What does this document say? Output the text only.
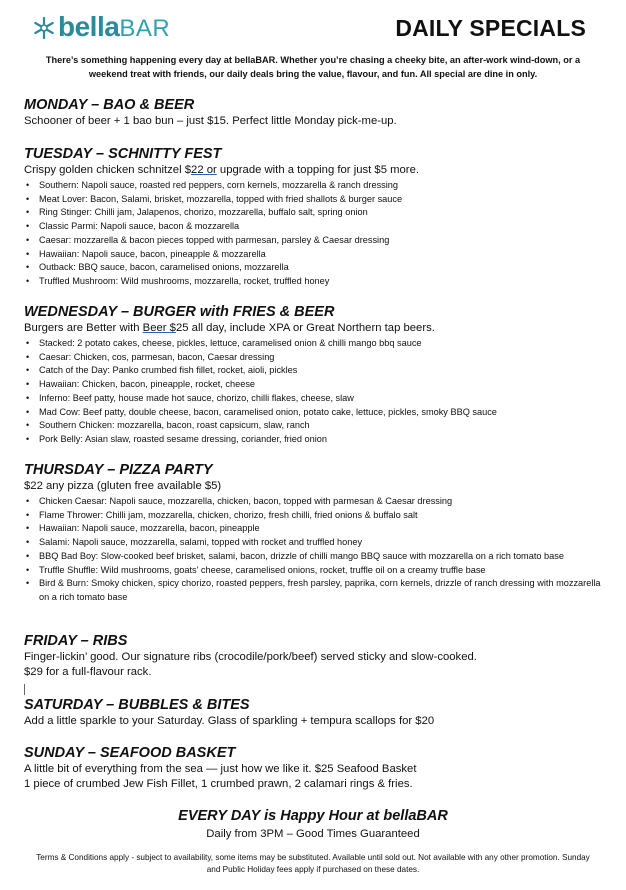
bellaBAR	DAILY SPECIALS
There’s something happening every day at bellaBAR. Whether you’re chasing a cheeky bite, an after-work wind-down, or a weekend treat with friends, our daily deals bring the value, flavour, and fun. All special are dine in only.
MONDAY – BAO & BEER
Schooner of beer + 1 bao bun – just $15. Perfect little Monday pick-me-up.
TUESDAY – SCHNITTY FEST
Crispy golden chicken schnitzel $22 or upgrade with a topping for just $5 more.
• Southern: Napoli sauce, roasted red peppers, corn kernels, mozzarella & ranch dressing
• Meat Lover: Bacon, Salami, brisket, mozzarella, topped with fried shallots & burger sauce
• Ring Stinger: Chilli jam, Jalapenos, chorizo, mozzarella, buffalo salt, spring onion
• Classic Parmi: Napoli sauce, bacon & mozzarella
• Caesar: mozzarella & bacon pieces topped with parmesan, parsley & Caesar dressing
• Hawaiian: Napoli sauce, bacon, pineapple & mozzarella
• Outback: BBQ sauce, bacon, caramelised onions, mozzarella
• Truffled Mushroom: Wild mushrooms, mozzarella, rocket, truffled honey
WEDNESDAY – BURGER with FRIES & BEER
Burgers are Better with Beer $25 all day, include XPA or Great Northern tap beers.
• Stacked: 2 potato cakes, cheese, pickles, lettuce, caramelised onion & chilli mango bbq sauce
• Caesar: Chicken, cos, parmesan, bacon, Caesar dressing
• Catch of the Day: Panko crumbed fish fillet, rocket, aioli, pickles
• Hawaiian: Chicken, bacon, pineapple, rocket, cheese
• Inferno: Beef patty, house made hot sauce, chorizo, chilli flakes, cheese, slaw
• Mad Cow: Beef patty, double cheese, bacon, caramelised onion, potato cake, lettuce, pickles, smoky BBQ sauce
• Southern Chicken: mozzarella, bacon, roast capsicum, slaw, ranch
• Pork Belly: Asian slaw, roasted sesame dressing, coriander, fried onion
THURSDAY – PIZZA PARTY
$22 any pizza (gluten free available $5)
• Chicken Caesar: Napoli sauce, mozzarella, chicken, bacon, topped with parmesan & Caesar dressing
• Flame Thrower: Chilli jam, mozzarella, chicken, chorizo, fresh chilli, fried onions & buffalo salt
• Hawaiian: Napoli sauce, mozzarella, bacon, pineapple
• Salami: Napoli sauce, mozzarella, salami, topped with rocket and truffled honey
• BBQ Bad Boy: Slow-cooked beef brisket, salami, bacon, drizzle of chilli mango BBQ sauce with mozzarella on a rich tomato base
• Truffle Shuffle: Wild mushrooms, goats' cheese, caramelised onions, rocket, truffle oil on a creamy truffle base
• Bird & Burn: Smoky chicken, spicy chorizo, roasted peppers, fresh parsley, paprika, corn kernels, drizzle of ranch dressing with mozzarella on a rich tomato base
FRIDAY – RIBS
Finger-lickin’ good. Our signature ribs (crocodile/pork/beef) served sticky and slow-cooked.
$29 for a full-flavour rack.
SATURDAY – BUBBLES & BITES
Add a little sparkle to your Saturday. Glass of sparkling + tempura scallops for $20
SUNDAY – SEAFOOD BASKET
A little bit of everything from the sea — just how we like it. $25 Seafood Basket
1 piece of crumbed Jew Fish Fillet, 1 crumbed prawn, 2 calamari rings & fries.
EVERY DAY is Happy Hour at bellaBAR
Daily from 3PM – Good Times Guaranteed
Terms & Conditions apply - subject to availability, some items may be substituted. Available until sold out. Not available with any other promotion. Sunday and Public Holiday fees apply if purchased on these dates.
